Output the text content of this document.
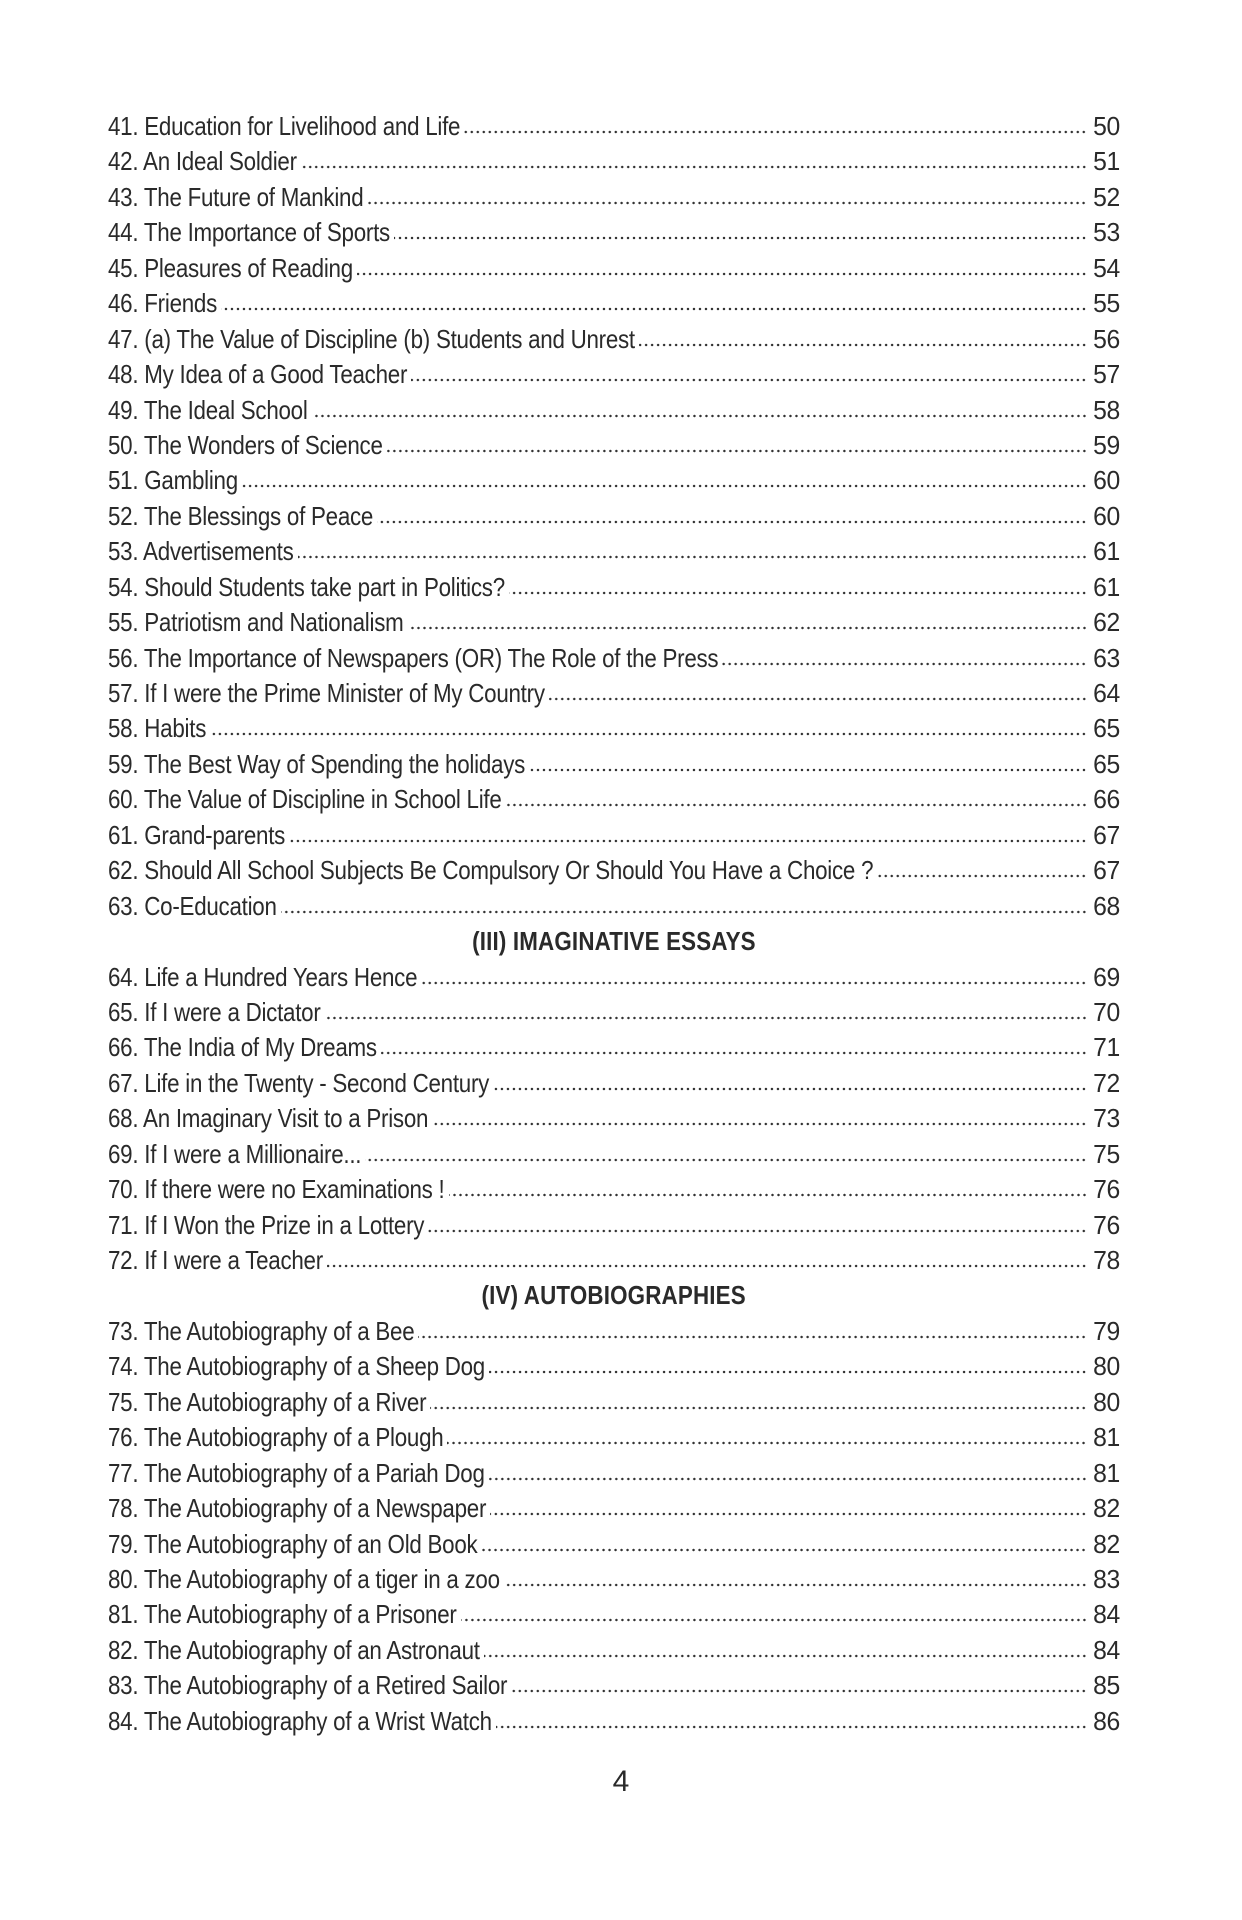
41. Education for Livelihood and Life	50
42. An Ideal Soldier	51
43. The Future of Mankind	52
44. The Importance of Sports	53
45. Pleasures of Reading	54
46. Friends	55
47. (a) The Value of Discipline (b) Students and Unrest	56
48. My Idea of a Good Teacher	57
49. The Ideal School	58
50. The Wonders of Science	59
51. Gambling	60
52. The Blessings of Peace	60
53. Advertisements	61
54. Should Students take part in Politics?	61
55. Patriotism and Nationalism	62
56. The Importance of Newspapers (OR) The Role of the Press	63
57. If I were the Prime Minister of My Country	64
58. Habits	65
59. The Best Way of Spending the holidays	65
60. The Value of Discipline in School Life	66
61. Grand-parents	67
62. Should All School Subjects Be Compulsory Or Should You Have a Choice ?	67
63. Co-Education	68
(III) IMAGINATIVE ESSAYS
64. Life a Hundred Years Hence	69
65. If I were a Dictator	70
66. The India of My Dreams	71
67. Life in the Twenty - Second Century	72
68. An Imaginary Visit to a Prison	73
69. If I were a Millionaire...	75
70. If there were no Examinations !	76
71. If I Won the Prize in a Lottery	76
72. If I were a Teacher	78
(IV) AUTOBIOGRAPHIES
73. The Autobiography of a Bee	79
74. The Autobiography of a Sheep Dog	80
75. The Autobiography of a River	80
76. The Autobiography of a Plough	81
77. The Autobiography of a Pariah Dog	81
78. The Autobiography of a Newspaper	82
79. The Autobiography of an Old Book	82
80. The Autobiography of a tiger in a zoo	83
81. The Autobiography of a Prisoner	84
82. The Autobiography of an Astronaut	84
83. The Autobiography of a Retired Sailor	85
84. The Autobiography of a Wrist Watch	86
4
